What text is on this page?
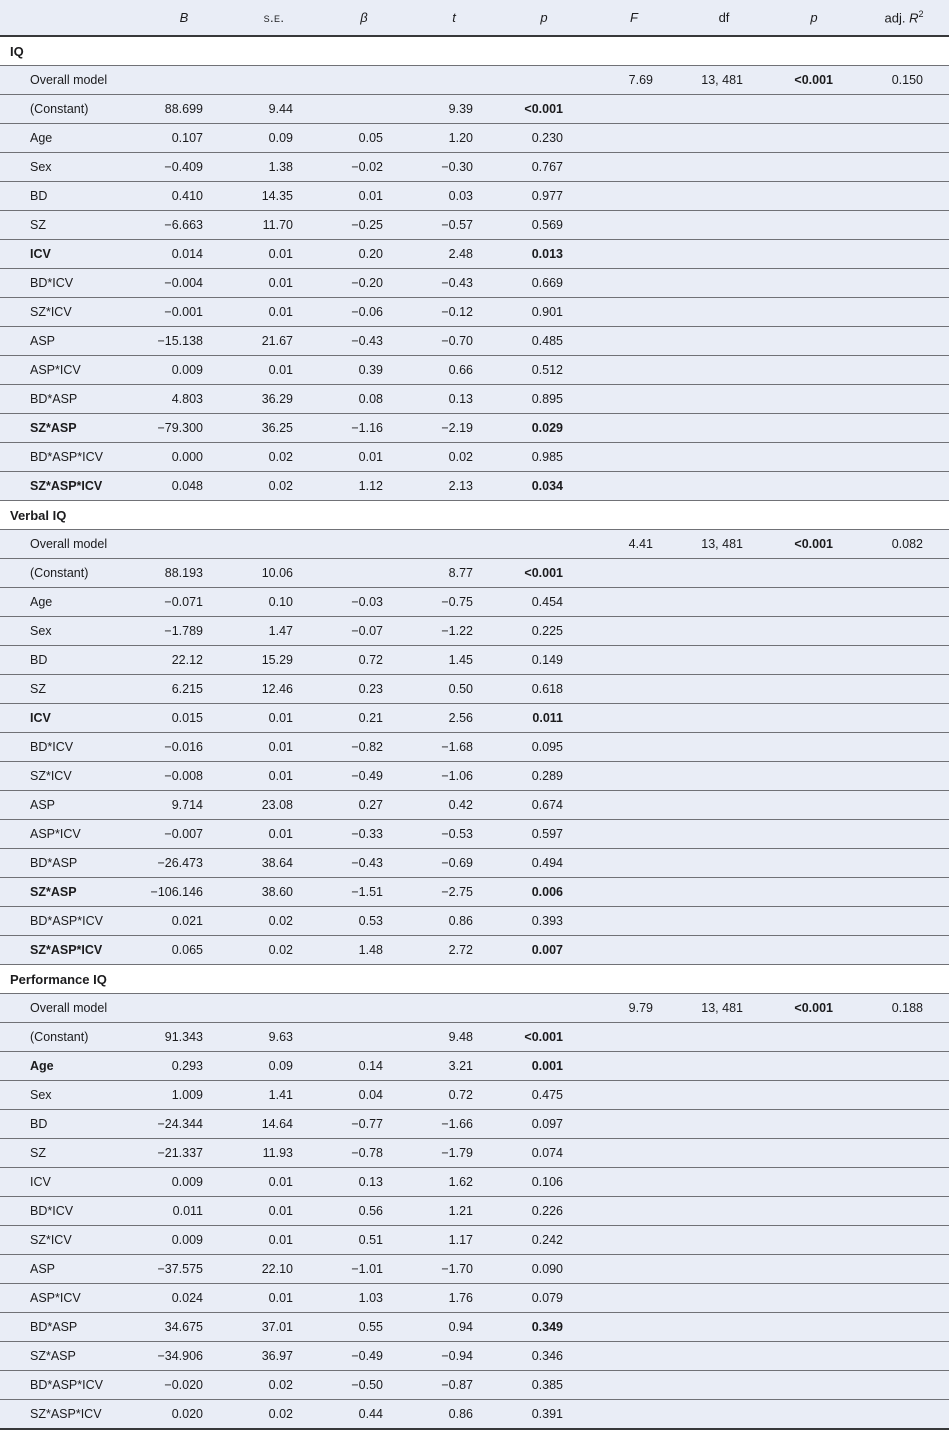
	B	s.e.	β	t	p	F	df	p	adj. $R^2$
IQ									
Overall model						7.69	13, 481	<0.001	0.150
(Constant)	88.699	9.44		9.39	<0.001				
Age	0.107	0.09	0.05	1.20	0.230				
Sex	−0.409	1.38	−0.02	−0.30	0.767				
BD	0.410	14.35	0.01	0.03	0.977				
SZ	−6.663	11.70	−0.25	−0.57	0.569				
ICV	0.014	0.01	0.20	2.48	0.013				
BD*ICV	−0.004	0.01	−0.20	−0.43	0.669				
SZ*ICV	−0.001	0.01	−0.06	−0.12	0.901				
ASP	−15.138	21.67	−0.43	−0.70	0.485				
ASP*ICV	0.009	0.01	0.39	0.66	0.512				
BD*ASP	4.803	36.29	0.08	0.13	0.895				
SZ*ASP	−79.300	36.25	−1.16	−2.19	0.029				
BD*ASP*ICV	0.000	0.02	0.01	0.02	0.985				
SZ*ASP*ICV	0.048	0.02	1.12	2.13	0.034				
Verbal IQ									
Overall model						4.41	13, 481	<0.001	0.082
(Constant)	88.193	10.06		8.77	<0.001				
Age	−0.071	0.10	−0.03	−0.75	0.454				
Sex	−1.789	1.47	−0.07	−1.22	0.225				
BD	22.12	15.29	0.72	1.45	0.149				
SZ	6.215	12.46	0.23	0.50	0.618				
ICV	0.015	0.01	0.21	2.56	0.011				
BD*ICV	−0.016	0.01	−0.82	−1.68	0.095				
SZ*ICV	−0.008	0.01	−0.49	−1.06	0.289				
ASP	9.714	23.08	0.27	0.42	0.674				
ASP*ICV	−0.007	0.01	−0.33	−0.53	0.597				
BD*ASP	−26.473	38.64	−0.43	−0.69	0.494				
SZ*ASP	−106.146	38.60	−1.51	−2.75	0.006				
BD*ASP*ICV	0.021	0.02	0.53	0.86	0.393				
SZ*ASP*ICV	0.065	0.02	1.48	2.72	0.007				
Performance IQ									
Overall model						9.79	13, 481	<0.001	0.188
(Constant)	91.343	9.63		9.48	<0.001				
Age	0.293	0.09	0.14	3.21	0.001				
Sex	1.009	1.41	0.04	0.72	0.475				
BD	−24.344	14.64	−0.77	−1.66	0.097				
SZ	−21.337	11.93	−0.78	−1.79	0.074				
ICV	0.009	0.01	0.13	1.62	0.106				
BD*ICV	0.011	0.01	0.56	1.21	0.226				
SZ*ICV	0.009	0.01	0.51	1.17	0.242				
ASP	−37.575	22.10	−1.01	−1.70	0.090				
ASP*ICV	0.024	0.01	1.03	1.76	0.079				
BD*ASP	34.675	37.01	0.55	0.94	0.349				
SZ*ASP	−34.906	36.97	−0.49	−0.94	0.346				
BD*ASP*ICV	−0.020	0.02	−0.50	−0.87	0.385				
SZ*ASP*ICV	0.020	0.02	0.44	0.86	0.391				
